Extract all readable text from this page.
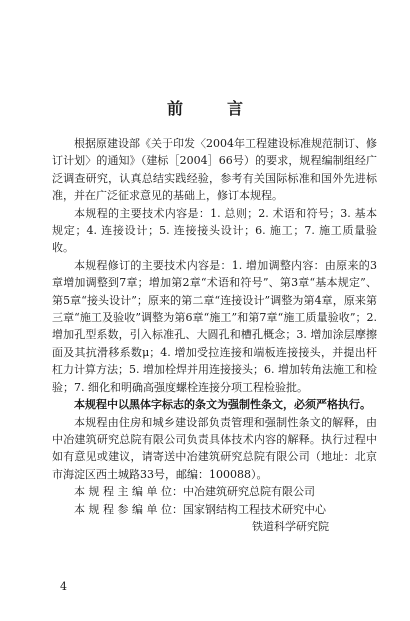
前　言

根据原建设部《关于印发〈2004年工程建设标准规范制订、修订计划〉的通知》（建标［2004］66号）的要求，规程编制组经广泛调查研究，认真总结实践经验，参考有关国际标准和国外先进标准，并在广泛征求意见的基础上，修订本规程。

本规程的主要技术内容是：1. 总则；2. 术语和符号；3. 基本规定；4. 连接设计；5. 连接接头设计；6. 施工；7. 施工质量验收。

本规程修订的主要技术内容是：1. 增加调整内容：由原来的3章增加调整到7章；增加第2章“术语和符号”、第3章“基本规定”、第5章“接头设计”；原来的第二章“连接设计”调整为第4章，原来第三章“施工及验收”调整为第6章“施工”和第7章“施工质量验收”；2. 增加孔型系数，引入标准孔、大圆孔和槽孔概念；3. 增加涂层摩擦面及其抗滑移系数μ；4. 增加受拉连接和端板连接接头，并提出杆杠力计算方法；5. 增加栓焊并用连接接头；6. 增加转角法施工和检验；7. 细化和明确高强度螺栓连接分项工程检验批。

本规程中以黑体字标志的条文为强制性条文，必须严格执行。

本规程由住房和城乡建设部负责管理和强制性条文的解释，由中冶建筑研究总院有限公司负责具体技术内容的解释。执行过程中如有意见或建议，请寄送中冶建筑研究总院有限公司（地址：北京市海淀区西土城路33号，邮编：100088）。

本 规 程 主 编 单 位：中冶建筑研究总院有限公司

本 规 程 参 编 单 位：国家钢结构工程技术研究中心

铁道科学研究院

4
